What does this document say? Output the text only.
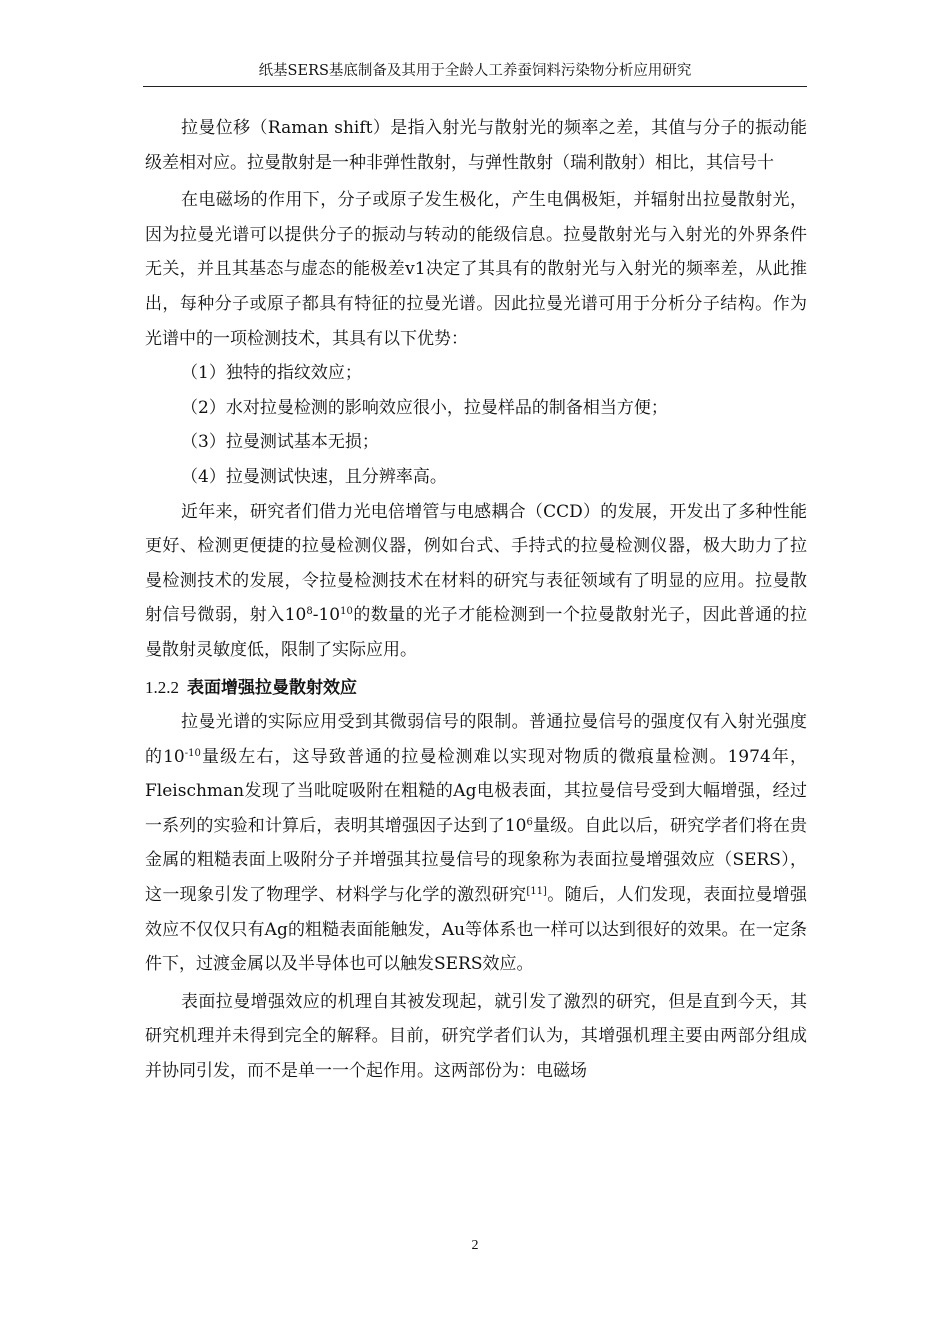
纸基SERS基底制备及其用于全龄人工养蚕饲料污染物分析应用研究

拉曼位移（Raman shift）是指入射光与散射光的频率之差，其值与分子的振动能级差相对应。拉曼散射是一种非弹性散射，与弹性散射（瑞利散射）相比，其信号十

在电磁场的作用下，分子或原子发生极化，产生电偶极矩，并辐射出拉曼散射光，因为拉曼光谱可以提供分子的振动与转动的能级信息。拉曼散射光与入射光的外界条件无关，并且其基态与虚态的能极差v1决定了其具有的散射光与入射光的频率差，从此推出，每种分子或原子都具有特征的拉曼光谱。因此拉曼光谱可用于分析分子结构。作为光谱中的一项检测技术，其具有以下优势：

（1）独特的指纹效应；

（2）水对拉曼检测的影响效应很小，拉曼样品的制备相当方便；

（3）拉曼测试基本无损；

（4）拉曼测试快速，且分辨率高。

近年来，研究者们借力光电倍增管与电感耦合（CCD）的发展，开发出了多种性能更好、检测更便捷的拉曼检测仪器，例如台式、手持式的拉曼检测仪器，极大助力了拉曼检测技术的发展，令拉曼检测技术在材料的研究与表征领域有了明显的应用。拉曼散射信号微弱，射入$10^8-10^{10}$的数量的光子才能检测到一个拉曼散射光子，因此普通的拉曼散射灵敏度低，限制了实际应用。

1.2.2 表面增强拉曼散射效应

拉曼光谱的实际应用受到其微弱信号的限制。普通拉曼信号的强度仅有入射光强度的$10^{-10}$量级左右，这导致普通的拉曼检测难以实现对物质的微痕量检测。1974年，Fleischman发现了当吡啶吸附在粗糙的Ag电极表面，其拉曼信号受到大幅增强，经过一系列的实验和计算后，表明其增强因子达到了$10^6$量级。自此以后，研究学者们将在贵金属的粗糙表面上吸附分子并增强其拉曼信号的现象称为表面拉曼增强效应（SERS），这一现象引发了物理学、材料学与化学的激烈研究[11]。随后，人们发现，表面拉曼增强效应不仅仅只有Ag的粗糙表面能触发，Au等体系也一样可以达到很好的效果。在一定条件下，过渡金属以及半导体也可以触发SERS效应。

表面拉曼增强效应的机理自其被发现起，就引发了激烈的研究，但是直到今天，其研究机理并未得到完全的解释。目前，研究学者们认为，其增强机理主要由两部分组成并协同引发，而不是单一一个起作用。这两部份为：电磁场

2
